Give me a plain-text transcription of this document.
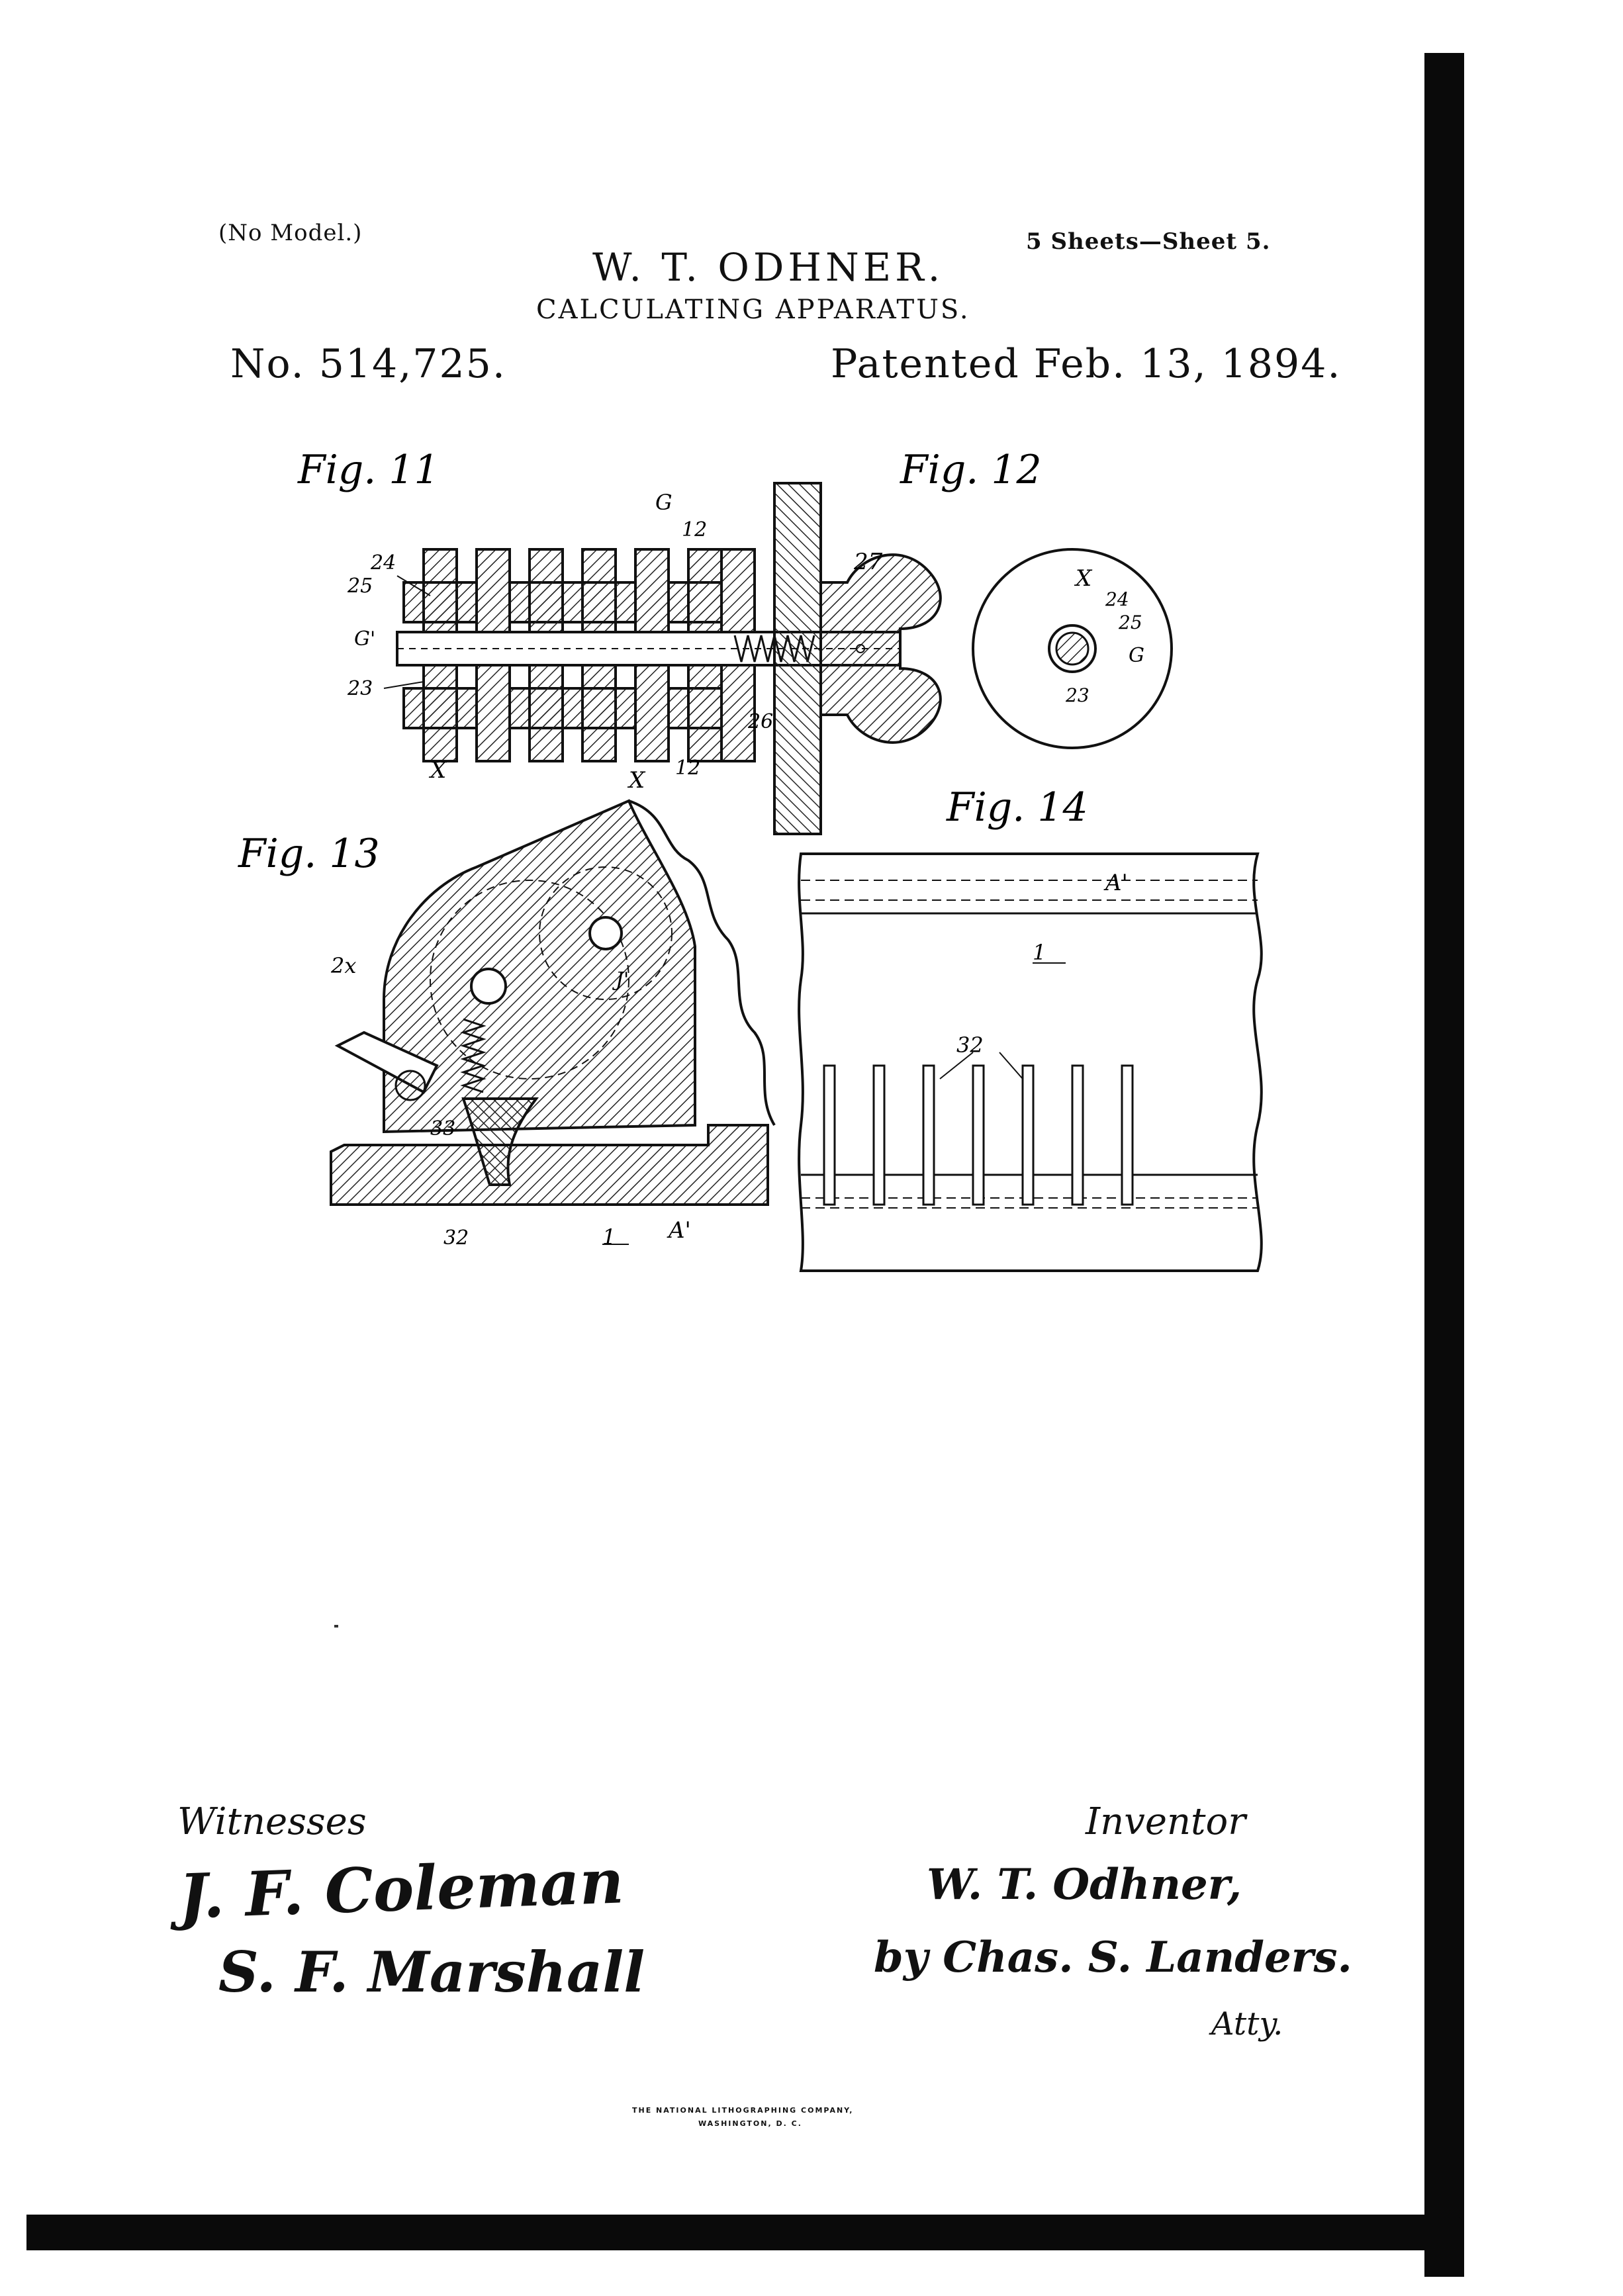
(No Model.)
W. T. ODHNER.
5 Sheets—Sheet 5.
CALCULATING APPARATUS.
No. 514,725.	Patented Feb. 13, 1894.
Fig. 11
G
12
24
25
G'
23
X	X 12
27
26
Fig. 12
X
24
25
G
23
Fig. 13
2x
J'
33
32	1 A'
Fig. 14
A'
1
32
Witnesses
J. F. Coleman
S. F. Marshall
Inventor
W. T. Odhner,
by Chas. S. Landers.
Atty.
THE NATIONAL LITHOGRAPHING COMPANY,
WASHINGTON, D. C.
